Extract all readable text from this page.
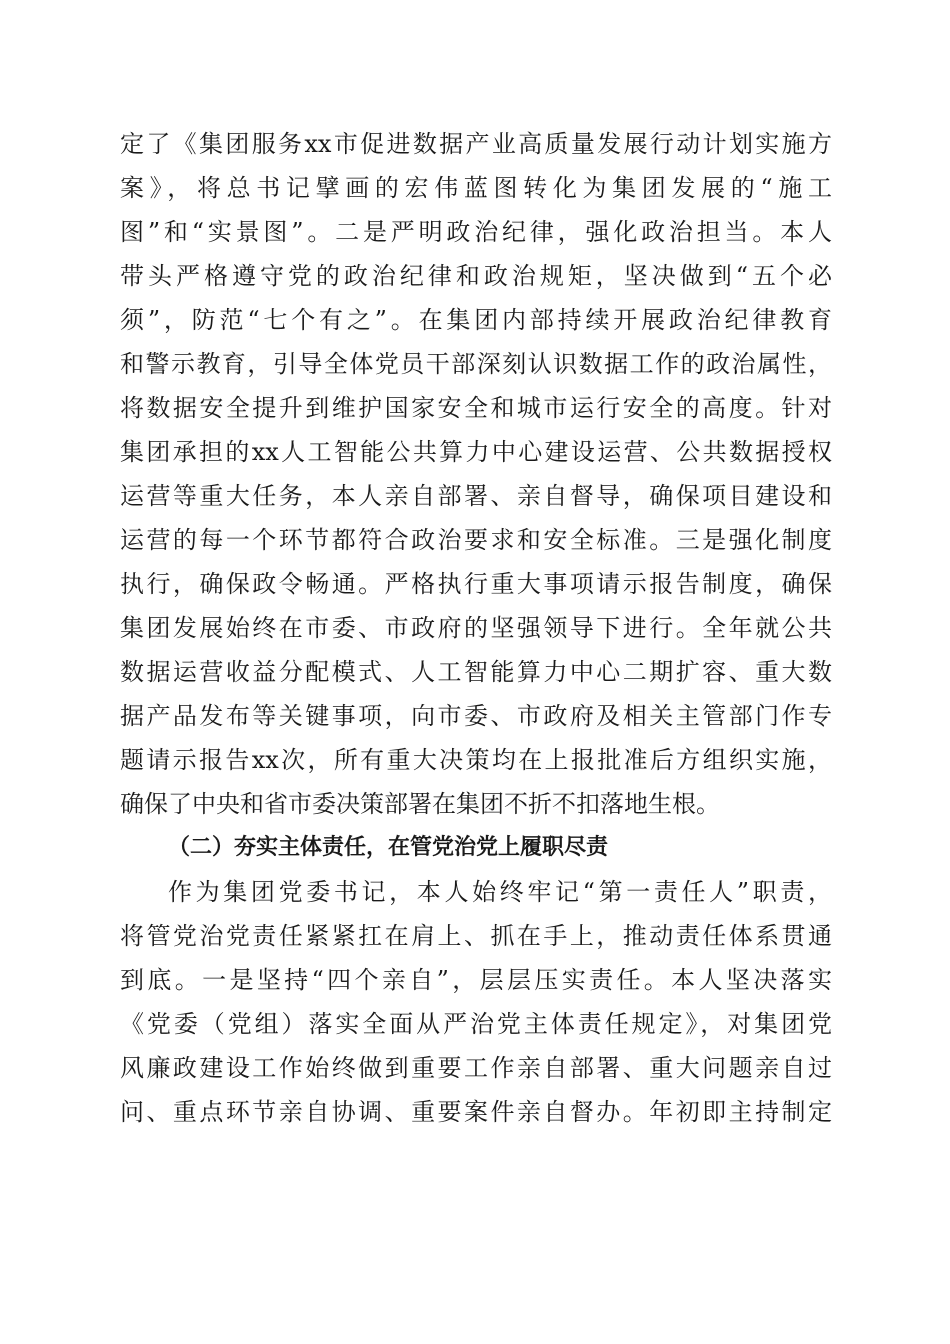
定了《集团服务xx市促进数据产业高质量发展行动计划实施方
案》，将总书记擘画的宏伟蓝图转化为集团发展的“施工
图”和“实景图”。二是严明政治纪律，强化政治担当。本人
带头严格遵守党的政治纪律和政治规矩，坚决做到“五个必
须”，防范“七个有之”。在集团内部持续开展政治纪律教育
和警示教育，引导全体党员干部深刻认识数据工作的政治属性，
将数据安全提升到维护国家安全和城市运行安全的高度。针对
集团承担的xx人工智能公共算力中心建设运营、公共数据授权
运营等重大任务，本人亲自部署、亲自督导，确保项目建设和
运营的每一个环节都符合政治要求和安全标准。三是强化制度
执行，确保政令畅通。严格执行重大事项请示报告制度，确保
集团发展始终在市委、市政府的坚强领导下进行。全年就公共
数据运营收益分配模式、人工智能算力中心二期扩容、重大数
据产品发布等关键事项，向市委、市政府及相关主管部门作专
题请示报告xx次，所有重大决策均在上报批准后方组织实施，
确保了中央和省市委决策部署在集团不折不扣落地生根。
（二）夯实主体责任，在管党治党上履职尽责
作为集团党委书记，本人始终牢记“第一责任人”职责，
将管党治党责任紧紧扛在肩上、抓在手上，推动责任体系贯通
到底。一是坚持“四个亲自”，层层压实责任。本人坚决落实
《党委（党组）落实全面从严治党主体责任规定》，对集团党
风廉政建设工作始终做到重要工作亲自部署、重大问题亲自过
问、重点环节亲自协调、重要案件亲自督办。年初即主持制定
